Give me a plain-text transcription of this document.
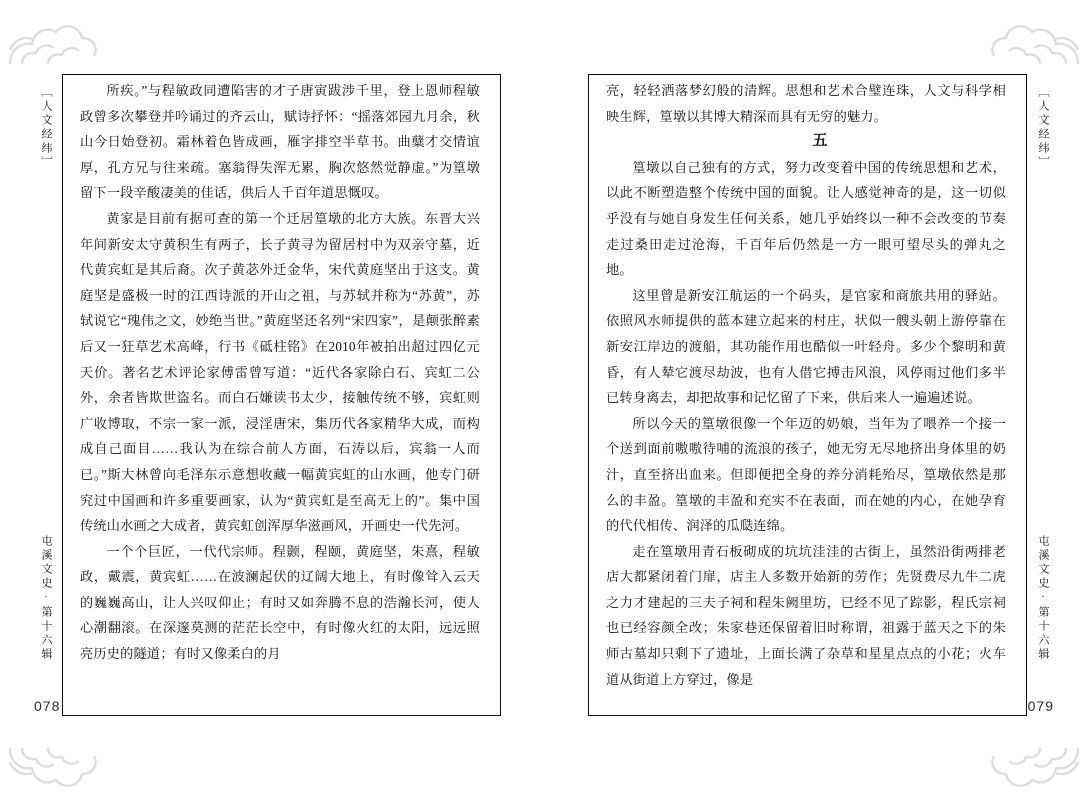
［人文经纬］
屯溪文史·第十六辑

所疾。”与程敏政同遭陷害的才子唐寅跋涉千里，登上恩师程敏政曾多次攀登并吟诵过的齐云山，赋诗抒怀：“摇落郊园九月余，秋山今日始登初。霜林着色皆成画，雁字排空半草书。曲糵才交情谊厚，孔方兄与往来疏。塞翁得失浑无累，胸次悠然觉静虚。”为篁墩留下一段辛酸凄美的佳话，供后人千百年道思慨叹。

黄家是目前有据可查的第一个迁居篁墩的北方大族。东晋大兴年间新安太守黄积生有两子，长子黄寻为留居村中为双亲守墓，近代黄宾虹是其后裔。次子黄苾外迁金华，宋代黄庭坚出于这支。黄庭坚是盛极一时的江西诗派的开山之祖，与苏轼并称为“苏黄”，苏轼说它“瑰伟之文，妙绝当世。”黄庭坚还名列“宋四家”，是颠张醉素后又一狂草艺术高峰，行书《砥柱铭》在2010年被拍出超过四亿元天价。著名艺术评论家傅雷曾写道：“近代各家除白石、宾虹二公外，余者皆欺世盗名。而白石嫌读书太少，接触传统不够，宾虹则广收博取，不宗一家一派，浸淫唐宋，集历代各家精华大成，而构成自己面目……我认为在综合前人方面，石涛以后，宾翁一人而已。”斯大林曾向毛泽东示意想收藏一幅黄宾虹的山水画，他专门研究过中国画和许多重要画家，认为“黄宾虹是至高无上的”。集中国传统山水画之大成者，黄宾虹创浑厚华滋画风，开画史一代先河。

一个个巨匠，一代代宗师。程颢，程颐，黄庭坚，朱熹，程敏政，戴震，黄宾虹……在波澜起伏的辽阔大地上，有时像耸入云天的巍巍高山，让人兴叹仰止；有时又如奔腾不息的浩瀚长河，使人心潮翻滚。在深邃莫测的茫茫长空中，有时像火红的太阳，远远照亮历史的隧道；有时又像柔白的月

078
［人文经纬］
屯溪文史·第十六辑

亮，轻轻洒落梦幻般的清辉。思想和艺术合璧连珠，人文与科学相映生辉，篁墩以其博大精深而具有无穷的魅力。

五

篁墩以自己独有的方式，努力改变着中国的传统思想和艺术，以此不断塑造整个传统中国的面貌。让人感觉神奇的是，这一切似乎没有与她自身发生任何关系，她几乎始终以一种不会改变的节奏走过桑田走过沧海，千百年后仍然是一方一眼可望尽头的弹丸之地。

这里曾是新安江航运的一个码头，是官家和商旅共用的驿站。依照风水师提供的蓝本建立起来的村庄，状似一艘头朝上游停靠在新安江岸边的渡船，其功能作用也酷似一叶轻舟。多少个黎明和黄昏，有人辇它渡尽劫波，也有人借它搏击风浪，风停雨过他们多半已转身离去，却把故事和记忆留了下来，供后来人一遍遍述说。

所以今天的篁墩很像一个年迈的奶娘，当年为了喂养一个接一个送到面前嗷嗷待哺的流浪的孩子，她无穷无尽地挤出身体里的奶汁，直至挤出血来。但即便把全身的养分消耗殆尽，篁墩依然是那么的丰盈。篁墩的丰盈和充实不在表面，而在她的内心，在她孕育的代代相传、润泽的瓜瓞连绵。

走在篁墩用青石板砌成的坑坑洼洼的古街上，虽然沿街两排老店大都紧闭着门扉，店主人多数开始新的劳作；先贤费尽九牛二虎之力才建起的三夫子祠和程朱阙里坊，已经不见了踪影，程氏宗祠也已经容颜全改；朱家巷还保留着旧时称谓，祖露于蓝天之下的朱师古墓却只剩下了遗址，上面长满了杂草和星星点点的小花；火车道从街道上方穿过，像是

079
